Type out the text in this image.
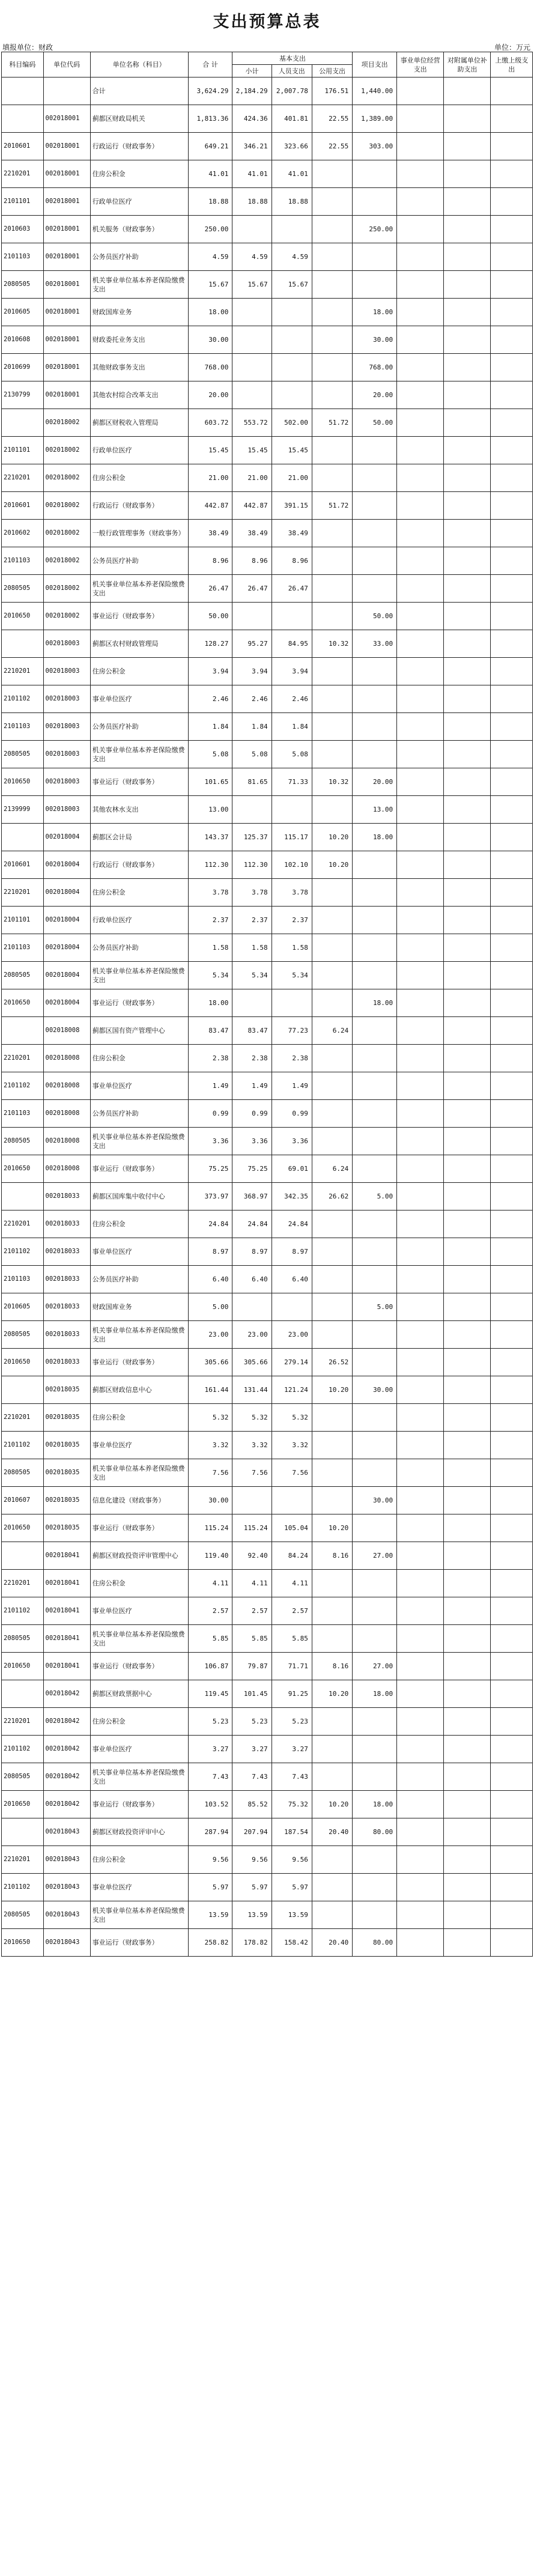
支出预算总表
填报单位：财政	单位：万元
科目编码	单位代码	单位名称（科目）	合 计	基本支出			项目支出	事业单位经营支出	对附属单位补助支出	上缴上级支出
				小计	人员支出	公用支出				
		合计	3,624.29	2,184.29	2,007.78	176.51	1,440.00			
	002018001	蓟都区财政局机关	1,813.36	424.36	401.81	22.55	1,389.00			
2010601	002018001	行政运行（财政事务）	649.21	346.21	323.66	22.55	303.00			
2210201	002018001	住房公积金	41.01	41.01	41.01					
2101101	002018001	行政单位医疗	18.88	18.88	18.88					
2010603	002018001	机关服务（财政事务）	250.00				250.00			
2101103	002018001	公务员医疗补助	4.59	4.59	4.59					
2080505	002018001	机关事业单位基本养老保险缴费支出	15.67	15.67	15.67					
2010605	002018001	财政国库业务	18.00				18.00			
2010608	002018001	财政委托业务支出	30.00				30.00			
2010699	002018001	其他财政事务支出	768.00				768.00			
2130799	002018001	其他农村综合改革支出	20.00				20.00			
	002018002	蓟都区财税收入管理局	603.72	553.72	502.00	51.72	50.00			
2101101	002018002	行政单位医疗	15.45	15.45	15.45					
2210201	002018002	住房公积金	21.00	21.00	21.00					
2010601	002018002	行政运行（财政事务）	442.87	442.87	391.15	51.72				
2010602	002018002	一般行政管理事务（财政事务）	38.49	38.49	38.49					
2101103	002018002	公务员医疗补助	8.96	8.96	8.96					
2080505	002018002	机关事业单位基本养老保险缴费支出	26.47	26.47	26.47					
2010650	002018002	事业运行（财政事务）	50.00				50.00			
	002018003	蓟都区农村财政管理局	128.27	95.27	84.95	10.32	33.00			
2210201	002018003	住房公积金	3.94	3.94	3.94					
2101102	002018003	事业单位医疗	2.46	2.46	2.46					
2101103	002018003	公务员医疗补助	1.84	1.84	1.84					
2080505	002018003	机关事业单位基本养老保险缴费支出	5.08	5.08	5.08					
2010650	002018003	事业运行（财政事务）	101.65	81.65	71.33	10.32	20.00			
2139999	002018003	其他农林水支出	13.00				13.00			
	002018004	蓟都区会计局	143.37	125.37	115.17	10.20	18.00			
2010601	002018004	行政运行（财政事务）	112.30	112.30	102.10	10.20				
2210201	002018004	住房公积金	3.78	3.78	3.78					
2101101	002018004	行政单位医疗	2.37	2.37	2.37					
2101103	002018004	公务员医疗补助	1.58	1.58	1.58					
2080505	002018004	机关事业单位基本养老保险缴费支出	5.34	5.34	5.34					
2010650	002018004	事业运行（财政事务）	18.00				18.00			
	002018008	蓟都区国有资产管理中心	83.47	83.47	77.23	6.24				
2210201	002018008	住房公积金	2.38	2.38	2.38					
2101102	002018008	事业单位医疗	1.49	1.49	1.49					
2101103	002018008	公务员医疗补助	0.99	0.99	0.99					
2080505	002018008	机关事业单位基本养老保险缴费支出	3.36	3.36	3.36					
2010650	002018008	事业运行（财政事务）	75.25	75.25	69.01	6.24				
	002018033	蓟都区国库集中收付中心	373.97	368.97	342.35	26.62	5.00			
2210201	002018033	住房公积金	24.84	24.84	24.84					
2101102	002018033	事业单位医疗	8.97	8.97	8.97					
2101103	002018033	公务员医疗补助	6.40	6.40	6.40					
2010605	002018033	财政国库业务	5.00				5.00			
2080505	002018033	机关事业单位基本养老保险缴费支出	23.00	23.00	23.00					
2010650	002018033	事业运行（财政事务）	305.66	305.66	279.14	26.52				
	002018035	蓟都区财政信息中心	161.44	131.44	121.24	10.20	30.00			
2210201	002018035	住房公积金	5.32	5.32	5.32					
2101102	002018035	事业单位医疗	3.32	3.32	3.32					
2080505	002018035	机关事业单位基本养老保险缴费支出	7.56	7.56	7.56					
2010607	002018035	信息化建设（财政事务）	30.00				30.00			
2010650	002018035	事业运行（财政事务）	115.24	115.24	105.04	10.20				
	002018041	蓟都区财政投资评审管理中心	119.40	92.40	84.24	8.16	27.00			
2210201	002018041	住房公积金	4.11	4.11	4.11					
2101102	002018041	事业单位医疗	2.57	2.57	2.57					
2080505	002018041	机关事业单位基本养老保险缴费支出	5.85	5.85	5.85					
2010650	002018041	事业运行（财政事务）	106.87	79.87	71.71	8.16	27.00			
	002018042	蓟都区财政票据中心	119.45	101.45	91.25	10.20	18.00			
2210201	002018042	住房公积金	5.23	5.23	5.23					
2101102	002018042	事业单位医疗	3.27	3.27	3.27					
2080505	002018042	机关事业单位基本养老保险缴费支出	7.43	7.43	7.43					
2010650	002018042	事业运行（财政事务）	103.52	85.52	75.32	10.20	18.00			
	002018043	蓟都区财政投资评审中心	287.94	207.94	187.54	20.40	80.00			
2210201	002018043	住房公积金	9.56	9.56	9.56					
2101102	002018043	事业单位医疗	5.97	5.97	5.97					
2080505	002018043	机关事业单位基本养老保险缴费支出	13.59	13.59	13.59					
2010650	002018043	事业运行（财政事务）	258.82	178.82	158.42	20.40	80.00			
